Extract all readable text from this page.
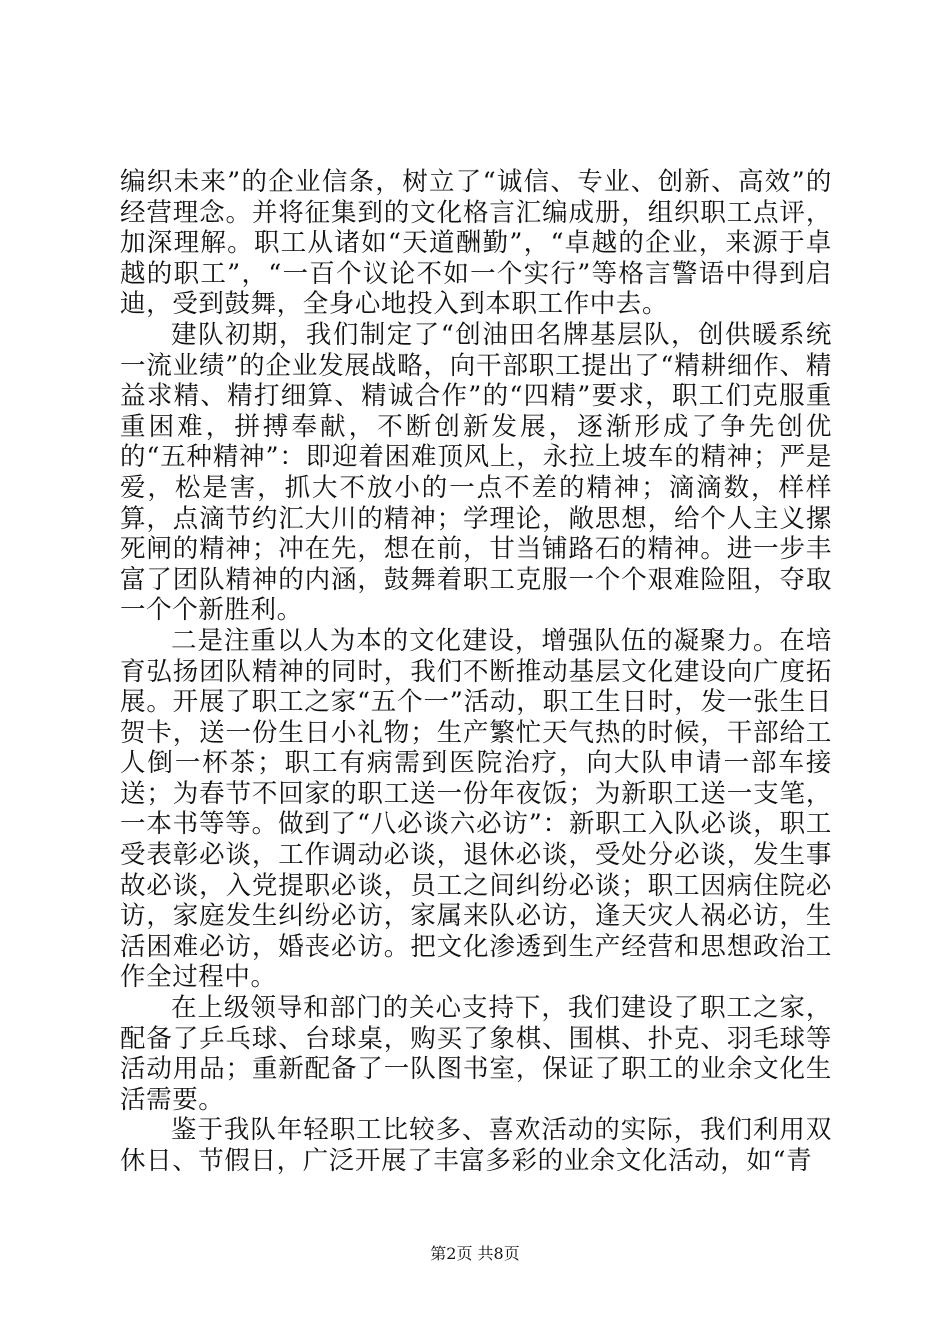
编织未来”的企业信条，树立了“诚信、专业、创新、高效”的经营理念。并将征集到的文化格言汇编成册，组织职工点评，加深理解。职工从诸如“天道酬勤”，“卓越的企业，来源于卓越的职工”，“一百个议论不如一个实行”等格言警语中得到启迪，受到鼓舞，全身心地投入到本职工作中去。

建队初期，我们制定了“创油田名牌基层队，创供暖系统一流业绩”的企业发展战略，向干部职工提出了“精耕细作、精益求精、精打细算、精诚合作”的“四精”要求，职工们克服重重困难，拼搏奉献，不断创新发展，逐渐形成了争先创优的“五种精神”：即迎着困难顶风上，永拉上坡车的精神；严是爱，松是害，抓大不放小的一点不差的精神；滴滴数，样样算，点滴节约汇大川的精神；学理论，敞思想，给个人主义摞死闸的精神；冲在先，想在前，甘当铺路石的精神。进一步丰富了团队精神的内涵，鼓舞着职工克服一个个艰难险阻，夺取一个个新胜利。

二是注重以人为本的文化建设，增强队伍的凝聚力。在培育弘扬团队精神的同时，我们不断推动基层文化建设向广度拓展。开展了职工之家“五个一”活动，职工生日时，发一张生日贺卡，送一份生日小礼物；生产繁忙天气热的时候，干部给工人倒一杯茶；职工有病需到医院治疗，向大队申请一部车接送；为春节不回家的职工送一份年夜饭；为新职工送一支笔，一本书等等。做到了“八必谈六必访”：新职工入队必谈，职工受表彰必谈，工作调动必谈，退休必谈，受处分必谈，发生事故必谈，入党提职必谈，员工之间纠纷必谈；职工因病住院必访，家庭发生纠纷必访，家属来队必访，逢天灾人祸必访，生活困难必访，婚丧必访。把文化渗透到生产经营和思想政治工作全过程中。

在上级领导和部门的关心支持下，我们建设了职工之家，配备了乒乓球、台球桌，购买了象棋、围棋、扑克、羽毛球等活动用品；重新配备了一队图书室，保证了职工的业余文化生活需要。

鉴于我队年轻职工比较多、喜欢活动的实际，我们利用双休日、节假日，广泛开展了丰富多彩的业余文化活动，如“青

第2页 共8页
